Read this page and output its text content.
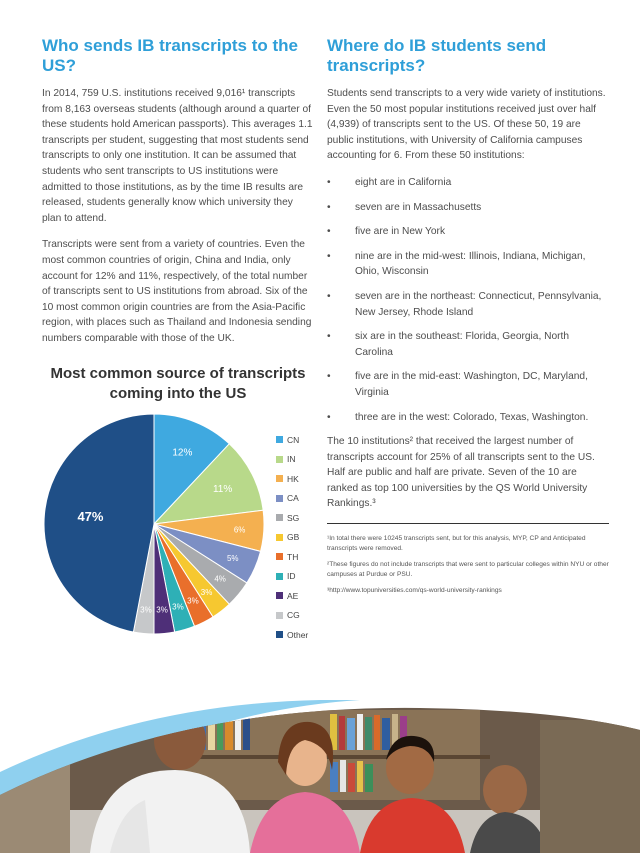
Who sends IB transcripts to the US?

In 2014, 759 U.S. institutions received 9,016¹ transcripts from 8,163 overseas students (although around a quarter of these students hold American passports). This averages 1.1 transcripts per student, suggesting that most students send transcripts to only one institution. It can be assumed that students who sent transcripts to US institutions were admitted to those institutions, as by the time IB results are released, students generally know which university they plan to attend.

Transcripts were sent from a variety of countries. Even the most common countries of origin, China and India, only account for 12% and 11%, respectively, of the total number of transcripts sent to US institutions from abroad. Six of the 10 most common origin countries are from the Asia-Pacific region, with places such as Thailand and Indonesia sending numbers comparable with those of the UK.

Most common source of transcripts coming into the US
12%
11%
6%
5%
4%
3%
3%
3%
3%
3%
47%
CN
IN
HK
CA
SG
GB
TH
ID
AE
CG
Other
Where do IB students send transcripts?

Students send transcripts to a very wide variety of institutions. Even the 50 most popular institutions received just over half (4,939) of transcripts sent to the US. Of these 50, 19 are public institutions, with University of California campuses accounting for 6. From these 50 institutions:

• eight are in California
• seven are in Massachusetts
• five are in New York
• nine are in the mid-west: Illinois, Indiana, Michigan, Ohio, Wisconsin
• seven are in the northeast: Connecticut, Pennsylvania, New Jersey, Rhode Island
• six are in the southeast: Florida, Georgia, North Carolina
• five are in the mid-east: Washington, DC, Maryland, Virginia
• three are in the west: Colorado, Texas, Washington.

The 10 institutions² that received the largest number of transcripts account for 25% of all transcripts sent to the US. Half are public and half are private. Seven of the 10 are ranked as top 100 universities by the QS World University Rankings.³

¹In total there were 10245 transcripts sent, but for this analysis, MYP, CP and Anticipated transcripts were removed.

²These figures do not include transcripts that were sent to particular colleges within NYU or other campuses at Purdue or PSU.

³http://www.topuniversities.com/qs-world-university-rankings
